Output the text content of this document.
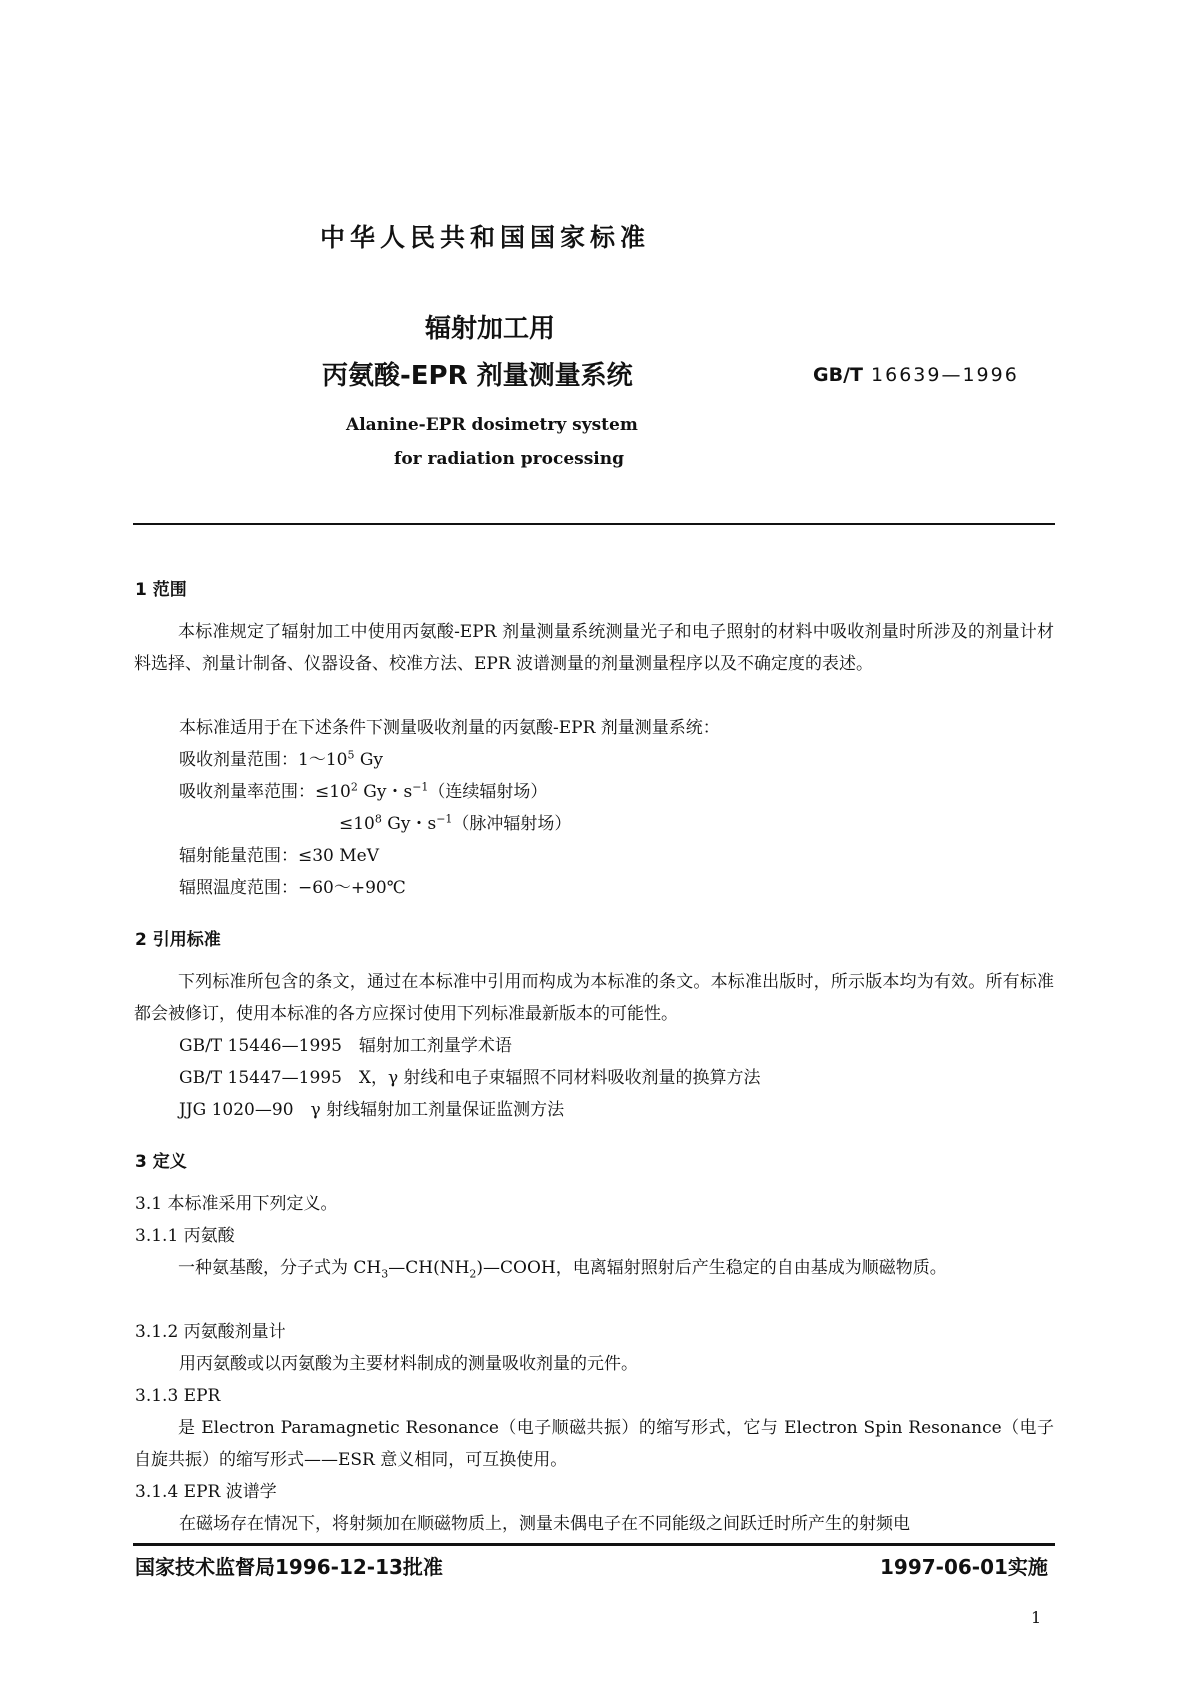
中华人民共和国国家标准
辐射加工用
丙氨酸-EPR 剂量测量系统	GB/T 16639—1996
Alanine-EPR dosimetry system
for radiation processing
1 范围

本标准规定了辐射加工中使用丙氨酸-EPR 剂量测量系统测量光子和电子照射的材料中吸收剂量时所涉及的剂量计材料选择、剂量计制备、仪器设备、校准方法、EPR 波谱测量的剂量测量程序以及不确定度的表述。

本标准适用于在下述条件下测量吸收剂量的丙氨酸-EPR 剂量测量系统：
吸收剂量范围：$1\sim 10^5$ Gy
吸收剂量率范围：$\le 10^2$ Gy・$s^{-1}$（连续辐射场）
$\le 10^8$ Gy・$s^{-1}$（脉冲辐射场）
辐射能量范围：≤30 MeV
辐照温度范围：−60～+90℃
2 引用标准

下列标准所包含的条文，通过在本标准中引用而构成为本标准的条文。本标准出版时，所示版本均为有效。所有标准都会被修订，使用本标准的各方应探讨使用下列标准最新版本的可能性。

GB/T 15446—1995　辐射加工剂量学术语
GB/T 15447—1995　X，γ 射线和电子束辐照不同材料吸收剂量的换算方法
JJG 1020—90　γ 射线辐射加工剂量保证监测方法
3 定义
3.1 本标准采用下列定义。
3.1.1 丙氨酸

一种氨基酸，分子式为 $CH_3—CH(NH_2)—COOH$，电离辐射照射后产生稳定的自由基成为顺磁物质。

3.1.2 丙氨酸剂量计
用丙氨酸或以丙氨酸为主要材料制成的测量吸收剂量的元件。
3.1.3 EPR

是 Electron Paramagnetic Resonance（电子顺磁共振）的缩写形式，它与 Electron Spin Resonance（电子自旋共振）的缩写形式——ESR 意义相同，可互换使用。

3.1.4 EPR 波谱学
在磁场存在情况下，将射频加在顺磁物质上，测量未偶电子在不同能级之间跃迁时所产生的射频电
国家技术监督局1996-12-13批准	1997-06-01实施
1
